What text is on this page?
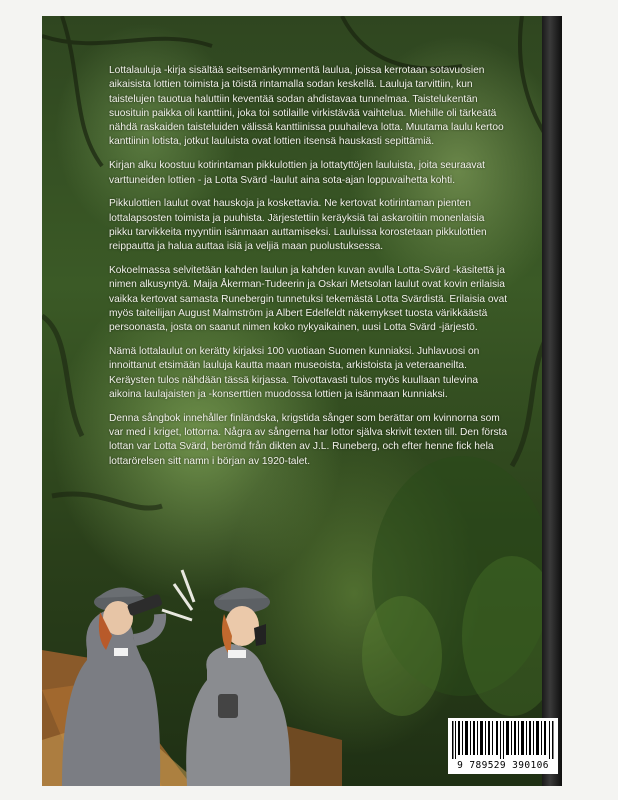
Lottalauluja -kirja sisältää seitsemänkymmentä laulua, joissa kerrotaan sotavuosien aikaisista lottien toimista ja töistä rintamalla sodan keskellä. Lauluja tarvittiin, kun taistelujen tauotua haluttiin keventää sodan ahdistavaa tunnelmaa. Taistelukentän suosituin paikka oli kanttiini, joka toi sotilaille virkistävää vaihtelua. Miehille oli tärkeätä nähdä raskaiden taisteluiden välissä kanttiinissa puuhaileva lotta. Muutama laulu kertoo kanttiinin lotista, jotkut lauluista ovat lottien itsensä hauskasti sepittämiä.

Kirjan alku koostuu kotirintaman pikkulottien ja lottatyttöjen lauluista, joita seuraavat varttuneiden lottien - ja Lotta Svärd -laulut aina sota-ajan loppuvaihetta kohti.

Pikkulottien laulut ovat hauskoja ja koskettavia. Ne kertovat kotirintaman pienten lottalapsosten toimista ja puuhista. Järjestettiin keräyksiä tai askaroitiin monenlaisia pikku tarvikkeita myyntiin isänmaan auttamiseksi. Lauluissa korostetaan pikkulottien reippautta ja halua auttaa isiä ja veljiä maan puolustuksessa.

Kokoelmassa selvitetään kahden laulun ja kahden kuvan avulla Lotta-Svärd -käsitettä ja nimen alkusyntyä. Maija Åkerman-Tudeerin ja Oskari Metsolan laulut ovat kovin erilaisia vaikka kertovat samasta Runebergin tunnetuksi tekemästä Lotta Svärdistä. Erilaisia ovat myös taiteilijan August Malmström ja Albert Edelfeldt näkemykset tuosta värikkäästä persoonasta, josta on saanut nimen koko nykyaikainen, uusi Lotta Svärd -järjestö.

Nämä lottalaulut on kerätty kirjaksi 100 vuotiaan Suomen kunniaksi. Juhlavuosi on innoittanut etsimään lauluja kautta maan museoista, arkistoista ja veteraaneilta. Keräysten tulos nähdään tässä kirjassa. Toivottavasti tulos myös kuullaan tulevina aikoina laulajaisten ja -konserttien muodossa lottien ja isänmaan kunniaksi.

Denna sångbok innehåller finländska, krigstida sånger som berättar om kvinnorna som var med i kriget, lottorna. Några av sångerna har lottor själva skrivit texten till. Den första lottan var Lotta Svärd, berömd från dikten av J.L. Runeberg, och efter henne fick hela lottarörelsen sitt namn i början av 1920-talet.

9 789529 390106
